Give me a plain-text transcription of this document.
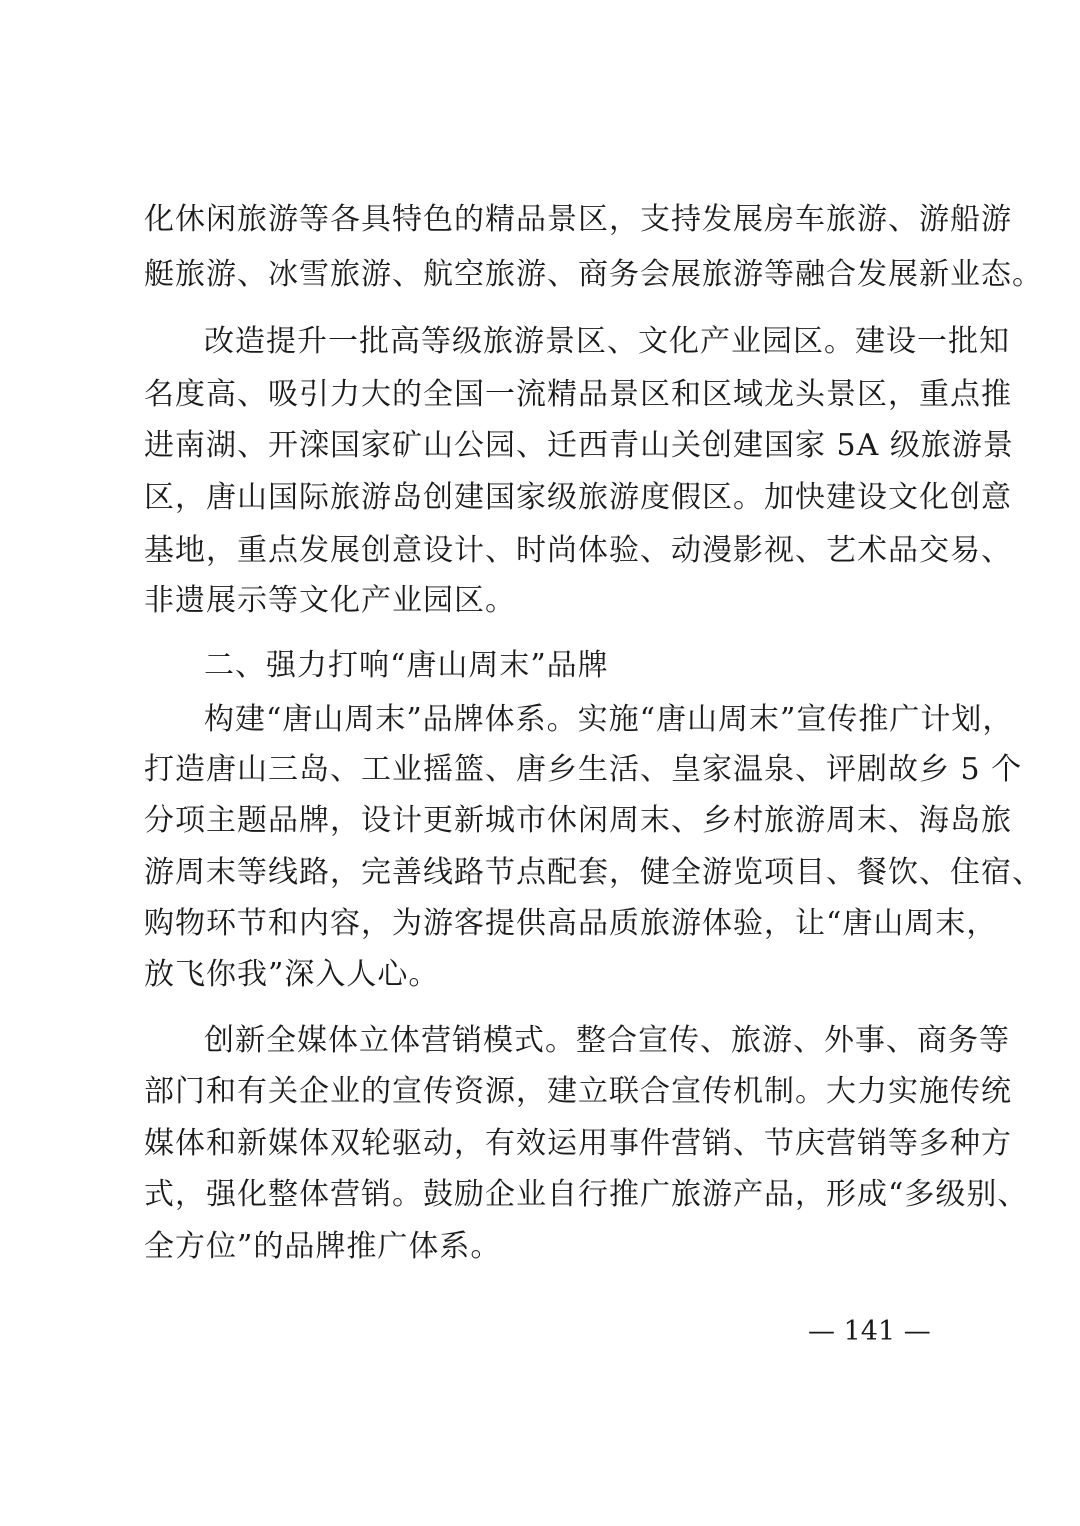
化休闲旅游等各具特色的精品景区，支持发展房车旅游、游船游
艇旅游、冰雪旅游、航空旅游、商务会展旅游等融合发展新业态。
改造提升一批高等级旅游景区、文化产业园区。建设一批知
名度高、吸引力大的全国一流精品景区和区域龙头景区，重点推
进南湖、开滦国家矿山公园、迁西青山关创建国家 5A 级旅游景
区，唐山国际旅游岛创建国家级旅游度假区。加快建设文化创意
基地，重点发展创意设计、时尚体验、动漫影视、艺术品交易、
非遗展示等文化产业园区。
二、强力打响“唐山周末”品牌
构建“唐山周末”品牌体系。实施“唐山周末”宣传推广计划，
打造唐山三岛、工业摇篮、唐乡生活、皇家温泉、评剧故乡 5 个
分项主题品牌，设计更新城市休闲周末、乡村旅游周末、海岛旅
游周末等线路，完善线路节点配套，健全游览项目、餐饮、住宿、
购物环节和内容，为游客提供高品质旅游体验，让“唐山周末，
放飞你我”深入人心。
创新全媒体立体营销模式。整合宣传、旅游、外事、商务等
部门和有关企业的宣传资源，建立联合宣传机制。大力实施传统
媒体和新媒体双轮驱动，有效运用事件营销、节庆营销等多种方
式，强化整体营销。鼓励企业自行推广旅游产品，形成“多级别、
全方位”的品牌推广体系。
— 141 —
